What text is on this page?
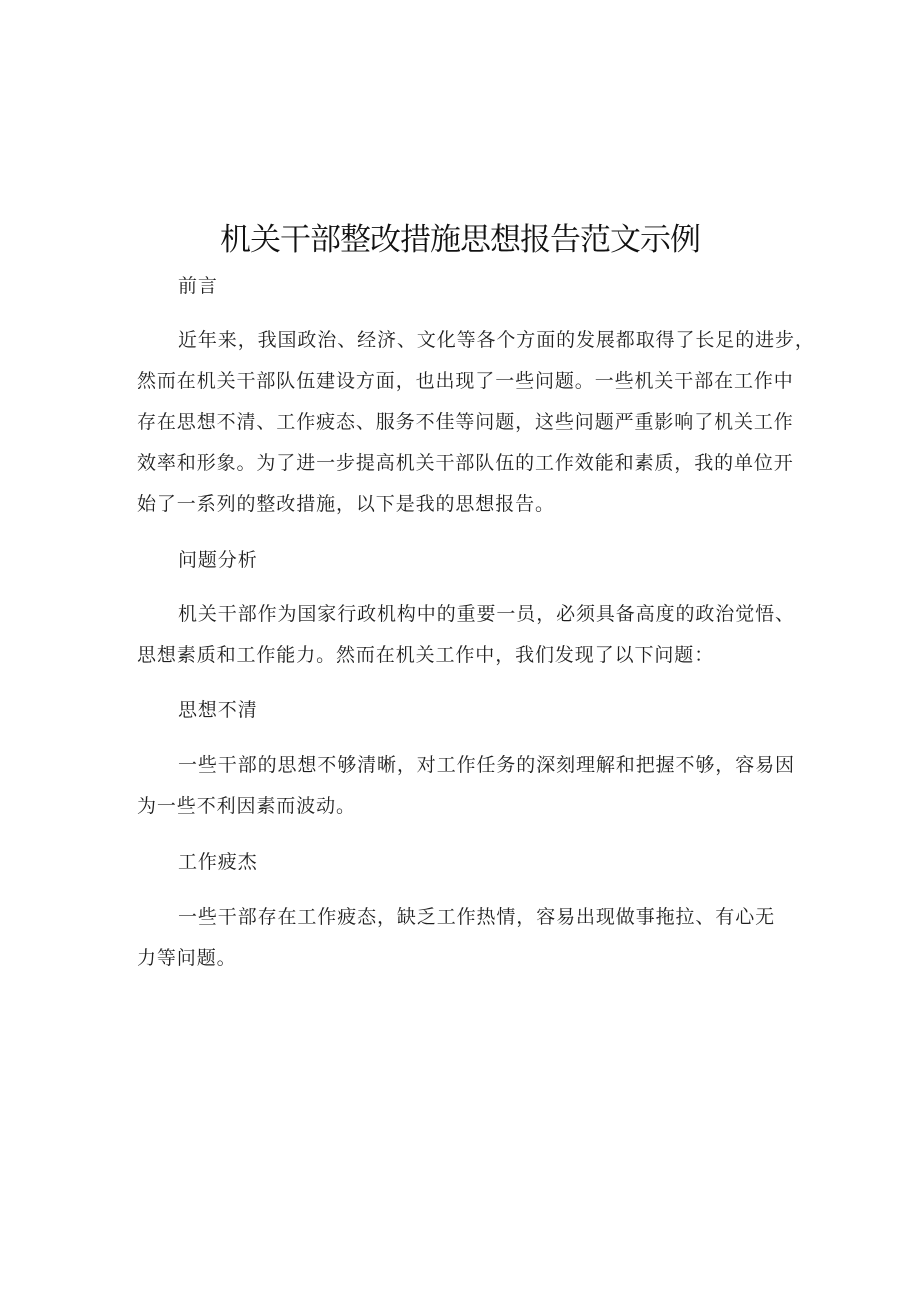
机关干部整改措施思想报告范文示例
前言
近年来，我国政治、经济、文化等各个方面的发展都取得了长足的进步，
然而在机关干部队伍建设方面，也出现了一些问题。一些机关干部在工作中
存在思想不清、工作疲态、服务不佳等问题，这些问题严重影响了机关工作
效率和形象。为了进一步提高机关干部队伍的工作效能和素质，我的单位开
始了一系列的整改措施，以下是我的思想报告。
问题分析
机关干部作为国家行政机构中的重要一员，必须具备高度的政治觉悟、
思想素质和工作能力。然而在机关工作中，我们发现了以下问题：
思想不清
一些干部的思想不够清晰，对工作任务的深刻理解和把握不够，容易因
为一些不利因素而波动。
工作疲杰
一些干部存在工作疲态，缺乏工作热情，容易出现做事拖拉、有心无
力等问题。
